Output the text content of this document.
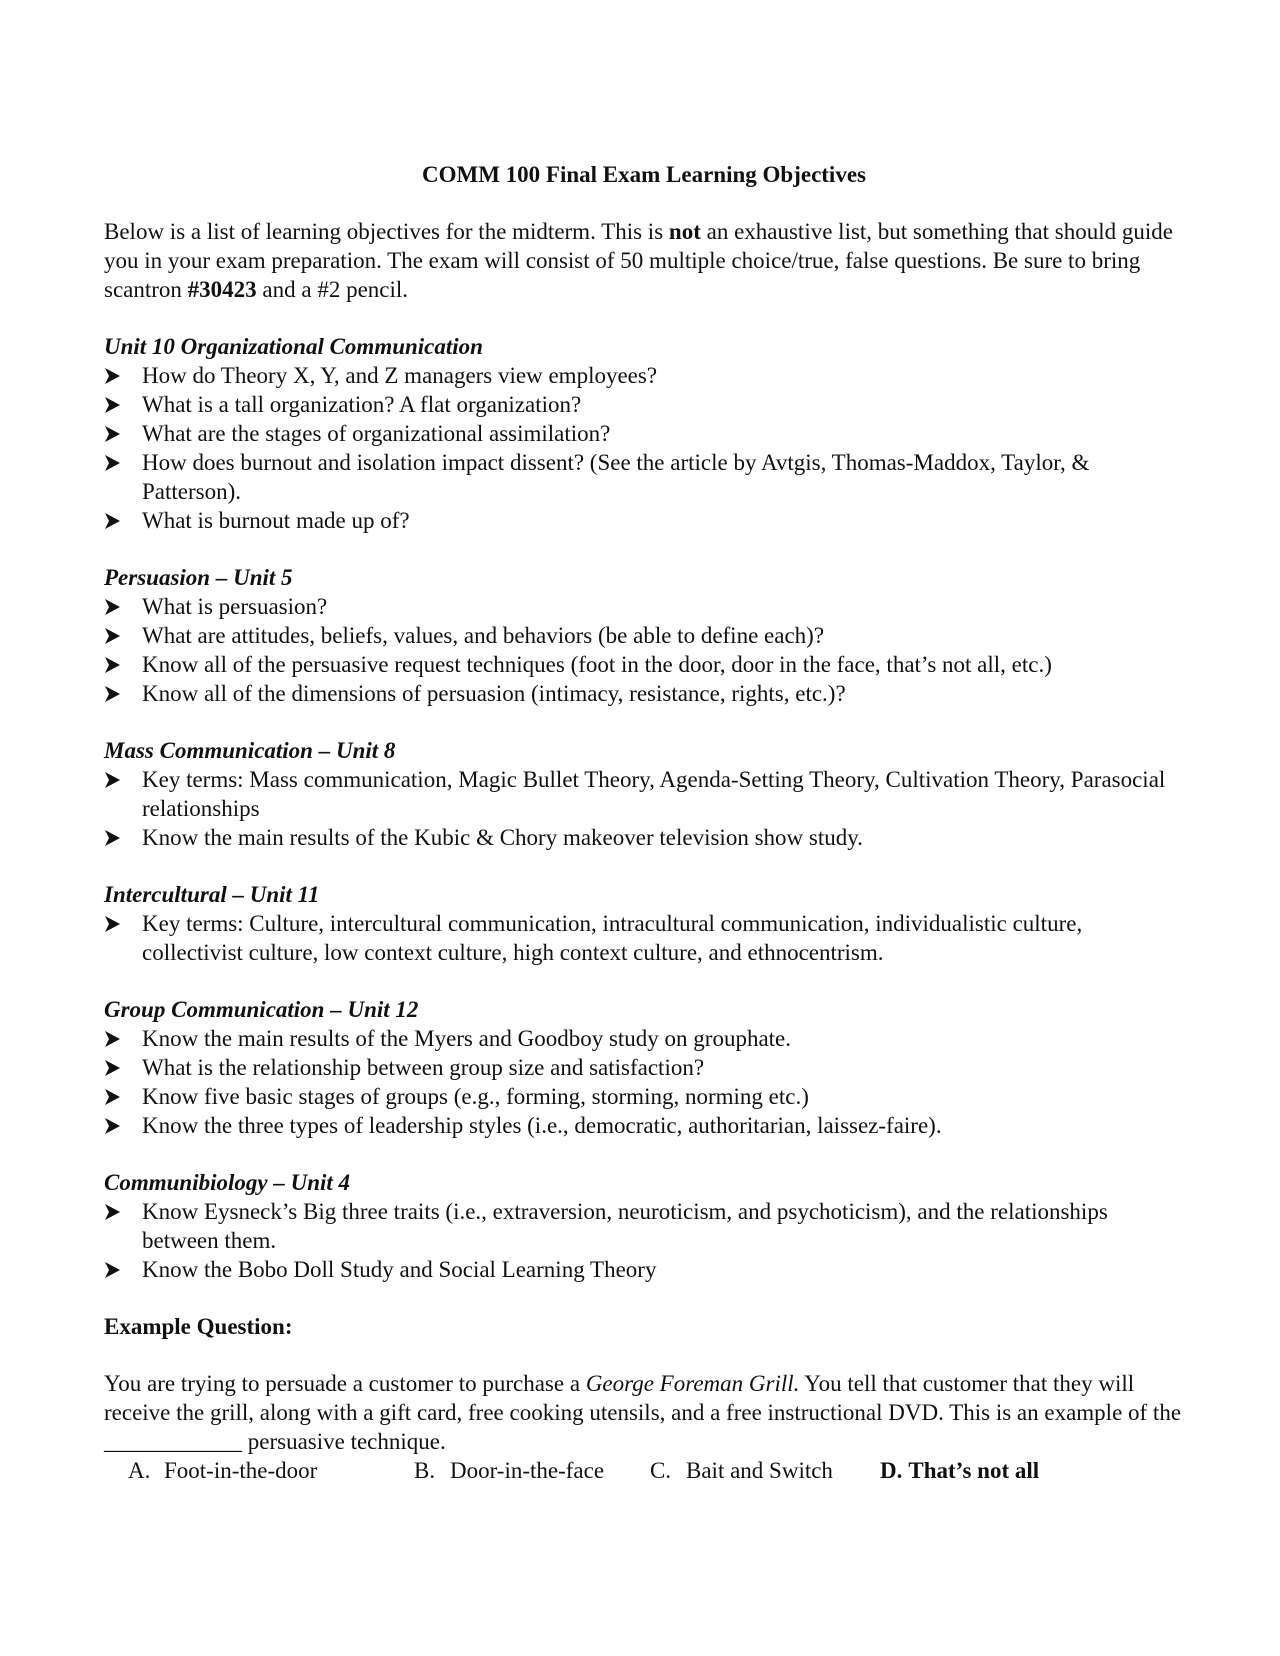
COMM 100 Final Exam Learning Objectives

Below is a list of learning objectives for the midterm. This is not an exhaustive list, but something that should guide you in your exam preparation. The exam will consist of 50 multiple choice/true, false questions. Be sure to bring scantron #30423 and a #2 pencil.

Unit 10 Organizational Communication

How do Theory X, Y, and Z managers view employees?
What is a tall organization? A flat organization?
What are the stages of organizational assimilation?
How does burnout and isolation impact dissent? (See the article by Avtgis, Thomas-Maddox, Taylor, & Patterson).
What is burnout made up of?

Persuasion – Unit 5

What is persuasion?
What are attitudes, beliefs, values, and behaviors (be able to define each)?
Know all of the persuasive request techniques (foot in the door, door in the face, that’s not all, etc.)
Know all of the dimensions of persuasion (intimacy, resistance, rights, etc.)?

Mass Communication – Unit 8

Key terms: Mass communication, Magic Bullet Theory, Agenda-Setting Theory, Cultivation Theory, Parasocial relationships
Know the main results of the Kubic & Chory makeover television show study.

Intercultural – Unit 11

Key terms: Culture, intercultural communication, intracultural communication, individualistic culture, collectivist culture, low context culture, high context culture, and ethnocentrism.

Group Communication – Unit 12

Know the main results of the Myers and Goodboy study on grouphate.
What is the relationship between group size and satisfaction?
Know five basic stages of groups (e.g., forming, storming, norming etc.)
Know the three types of leadership styles (i.e., democratic, authoritarian, laissez-faire).

Communibiology – Unit 4

Know Eysneck’s Big three traits (i.e., extraversion, neuroticism, and psychoticism), and the relationships between them.
Know the Bobo Doll Study and Social Learning Theory

Example Question:

You are trying to persuade a customer to purchase a George Foreman Grill. You tell that customer that they will receive the grill, along with a gift card, free cooking utensils, and a free instructional DVD. This is an example of the ____________ persuasive technique.

A. Foot-in-the-door	B. Door-in-the-face	C. Bait and Switch	D. That’s not all
